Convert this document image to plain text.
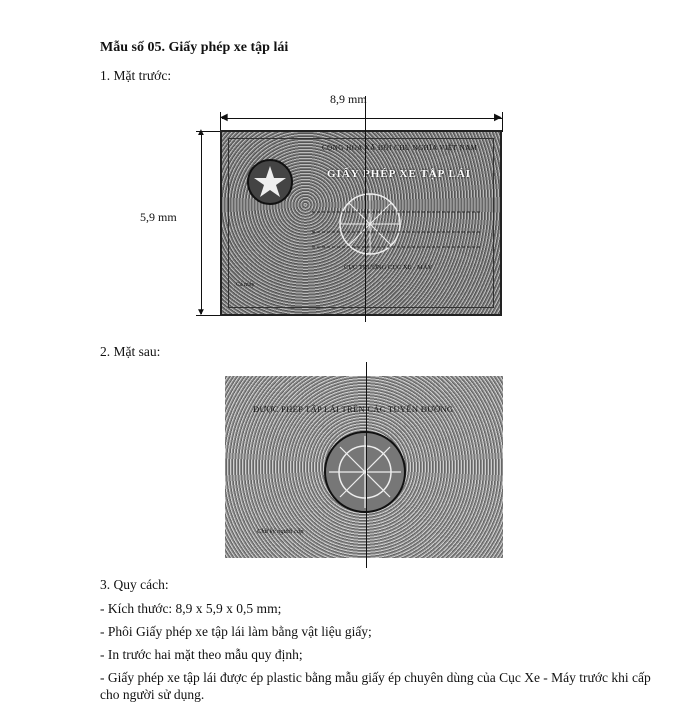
Mẫu số 05. Giấy phép xe tập lái
1. Mặt trước:
8,9 mm
◀	▶
5,9 mm
▲
▼
CỘNG HÒA XÃ HỘI CHỦ NGHĨA VIỆT NAM
GIẤY PHÉP XE TẬP LÁI
CỤC TRƯỞNG CỤC XE - MÁY
Cá máy
2. Mặt sau:
ĐƯỢC PHÉP TẬP LÁI TRÊN CÁC TUYẾN ĐƯỜNG
Chữ ký người cấp
3. Quy cách:
- Kích thước: 8,9 x 5,9 x 0,5 mm;
- Phôi Giấy phép xe tập lái làm bằng vật liệu giấy;
- In trước hai mặt theo mẫu quy định;
- Giấy phép xe tập lái được ép plastic bằng mẫu giấy ép chuyên dùng của Cục Xe - Máy trước khi cấp cho người sử dụng.
